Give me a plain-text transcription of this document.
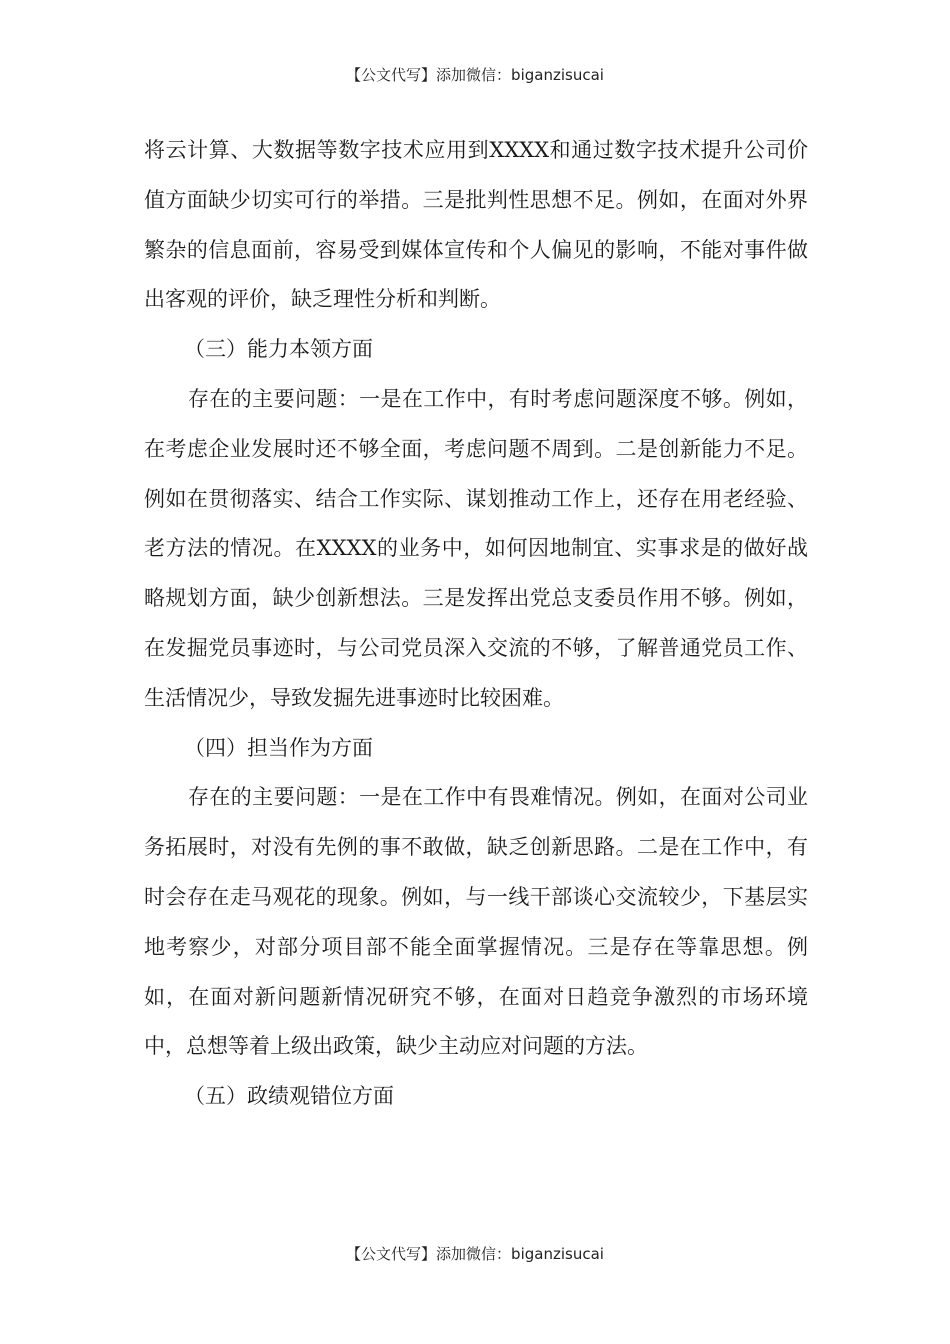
【公文代写】添加微信：biganzisucai

将云计算、大数据等数字技术应用到XXXX和通过数字技术提升公司价值方面缺少切实可行的举措。三是批判性思想不足。例如，在面对外界繁杂的信息面前，容易受到媒体宣传和个人偏见的影响，不能对事件做出客观的评价，缺乏理性分析和判断。

（三）能力本领方面

存在的主要问题：一是在工作中，有时考虑问题深度不够。例如，在考虑企业发展时还不够全面，考虑问题不周到。二是创新能力不足。例如在贯彻落实、结合工作实际、谋划推动工作上，还存在用老经验、老方法的情况。在XXXX的业务中，如何因地制宜、实事求是的做好战略规划方面，缺少创新想法。三是发挥出党总支委员作用不够。例如，在发掘党员事迹时，与公司党员深入交流的不够，了解普通党员工作、生活情况少，导致发掘先进事迹时比较困难。

（四）担当作为方面

存在的主要问题：一是在工作中有畏难情况。例如，在面对公司业务拓展时，对没有先例的事不敢做，缺乏创新思路。二是在工作中，有时会存在走马观花的现象。例如，与一线干部谈心交流较少，下基层实地考察少，对部分项目部不能全面掌握情况。三是存在等靠思想。例如，在面对新问题新情况研究不够，在面对日趋竞争激烈的市场环境中，总想等着上级出政策，缺少主动应对问题的方法。

（五）政绩观错位方面

【公文代写】添加微信：biganzisucai
